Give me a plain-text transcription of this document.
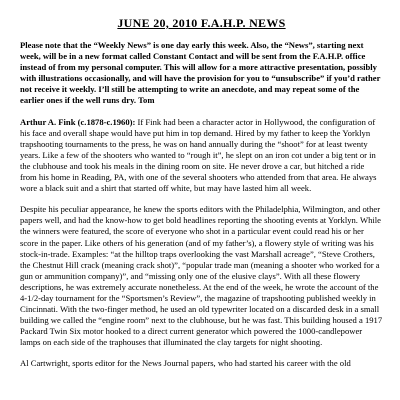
JUNE 20, 2010 F.A.H.P. NEWS

Please note that the “Weekly News” is one day early this week. Also, the “News”, starting next week, will be in a new format called Constant Contact and will be sent from the F.A.H.P. office instead of from my personal computer. This will allow for a more attractive presentation, possibly with illustrations occasionally, and will have the provision for you to “unsubscribe” if you’d rather not receive it weekly. I’ll still be attempting to write an anecdote, and may repeat some of the earlier ones if the well runs dry. Tom

Arthur A. Fink (c.1878-c.1960): If Fink had been a character actor in Hollywood, the configuration of his face and overall shape would have put him in top demand. Hired by my father to keep the Yorklyn trapshooting tournaments to the press, he was on hand annually during the “shoot” for at least twenty years. Like a few of the shooters who wanted to “rough it”, he slept on an iron cot under a big tent or in the clubhouse and took his meals in the dining room on site. He never drove a car, but hitched a ride from his home in Reading, PA, with one of the several shooters who attended from that area. He always wore a black suit and a shirt that started off white, but may have lasted him all week.

Despite his peculiar appearance, he knew the sports editors with the Philadelphia, Wilmington, and other papers well, and had the know-how to get bold headlines reporting the shooting events at Yorklyn. While the winners were featured, the score of everyone who shot in a particular event could read his or her score in the paper. Like others of his generation (and of my father’s), a flowery style of writing was his stock-in-trade. Examples: “at the hilltop traps overlooking the vast Marshall acreage”, “Steve Crothers, the Chestnut Hill crack (meaning crack shot)”, “popular trade man (meaning a shooter who worked for a gun or ammunition company)”, and “missing only one of the elusive clays”. With all these flowery descriptions, he was extremely accurate nonetheless. At the end of the week, he wrote the account of the 4-1/2-day tournament for the “Sportsmen’s Review”, the magazine of trapshooting published weekly in Cincinnati. With the two-finger method, he used an old typewriter located on a discarded desk in a small building we called the “engine room” next to the clubhouse, but he was fast. This building housed a 1917 Packard Twin Six motor hooked to a direct current generator which powered the 1000-candlepower lamps on each side of the traphouses that illuminated the clay targets for night shooting.

Al Cartwright, sports editor for the News Journal papers, who had started his career with the old
